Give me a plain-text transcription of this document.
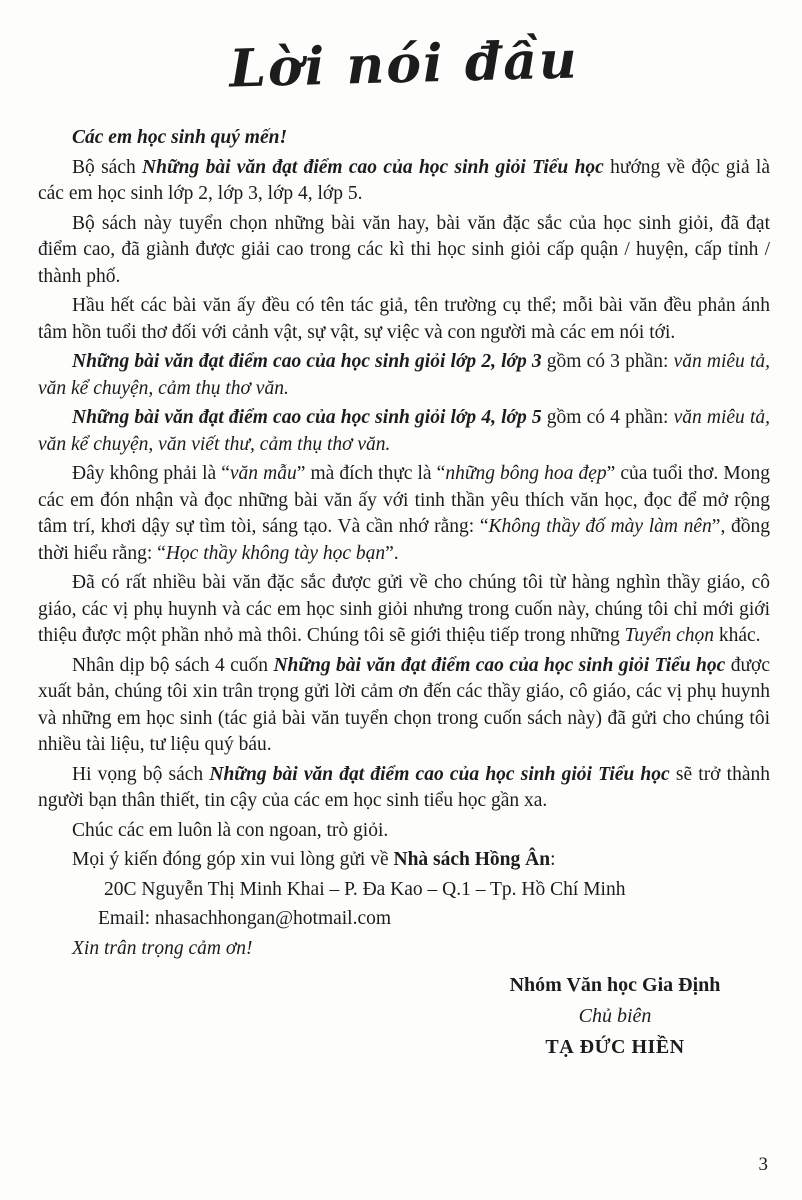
Lời nói đầu

Các em học sinh quý mến!

Bộ sách Những bài văn đạt điểm cao của học sinh giỏi Tiểu học hướng về độc giả là các em học sinh lớp 2, lớp 3, lớp 4, lớp 5.

Bộ sách này tuyển chọn những bài văn hay, bài văn đặc sắc của học sinh giỏi, đã đạt điểm cao, đã giành được giải cao trong các kì thi học sinh giỏi cấp quận / huyện, cấp tỉnh / thành phố.

Hầu hết các bài văn ấy đều có tên tác giả, tên trường cụ thể; mỗi bài văn đều phản ánh tâm hồn tuổi thơ đối với cảnh vật, sự vật, sự việc và con người mà các em nói tới.

Những bài văn đạt điểm cao của học sinh giỏi lớp 2, lớp 3 gồm có 3 phần: văn miêu tả, văn kể chuyện, cảm thụ thơ văn.

Những bài văn đạt điểm cao của học sinh giỏi lớp 4, lớp 5 gồm có 4 phần: văn miêu tả, văn kể chuyện, văn viết thư, cảm thụ thơ văn.

Đây không phải là “văn mẫu” mà đích thực là “những bông hoa đẹp” của tuổi thơ. Mong các em đón nhận và đọc những bài văn ấy với tinh thần yêu thích văn học, đọc để mở rộng tâm trí, khơi dậy sự tìm tòi, sáng tạo. Và cần nhớ rằng: “Không thầy đố mày làm nên”, đồng thời hiểu rằng: “Học thầy không tày học bạn”.

Đã có rất nhiều bài văn đặc sắc được gửi về cho chúng tôi từ hàng nghìn thầy giáo, cô giáo, các vị phụ huynh và các em học sinh giỏi nhưng trong cuốn này, chúng tôi chỉ mới giới thiệu được một phần nhỏ mà thôi. Chúng tôi sẽ giới thiệu tiếp trong những Tuyển chọn khác.

Nhân dịp bộ sách 4 cuốn Những bài văn đạt điểm cao của học sinh giỏi Tiểu học được xuất bản, chúng tôi xin trân trọng gửi lời cảm ơn đến các thầy giáo, cô giáo, các vị phụ huynh và những em học sinh (tác giả bài văn tuyển chọn trong cuốn sách này) đã gửi cho chúng tôi nhiều tài liệu, tư liệu quý báu.

Hi vọng bộ sách Những bài văn đạt điểm cao của học sinh giỏi Tiểu học sẽ trở thành người bạn thân thiết, tin cậy của các em học sinh tiểu học gần xa.

Chúc các em luôn là con ngoan, trò giỏi.

Mọi ý kiến đóng góp xin vui lòng gửi về Nhà sách Hồng Ân:

20C Nguyễn Thị Minh Khai – P. Đa Kao – Q.1 – Tp. Hồ Chí Minh

Email: nhasachhongan@hotmail.com

Xin trân trọng cảm ơn!

Nhóm Văn học Gia Định
Chủ biên
TẠ ĐỨC HIỀN
3
